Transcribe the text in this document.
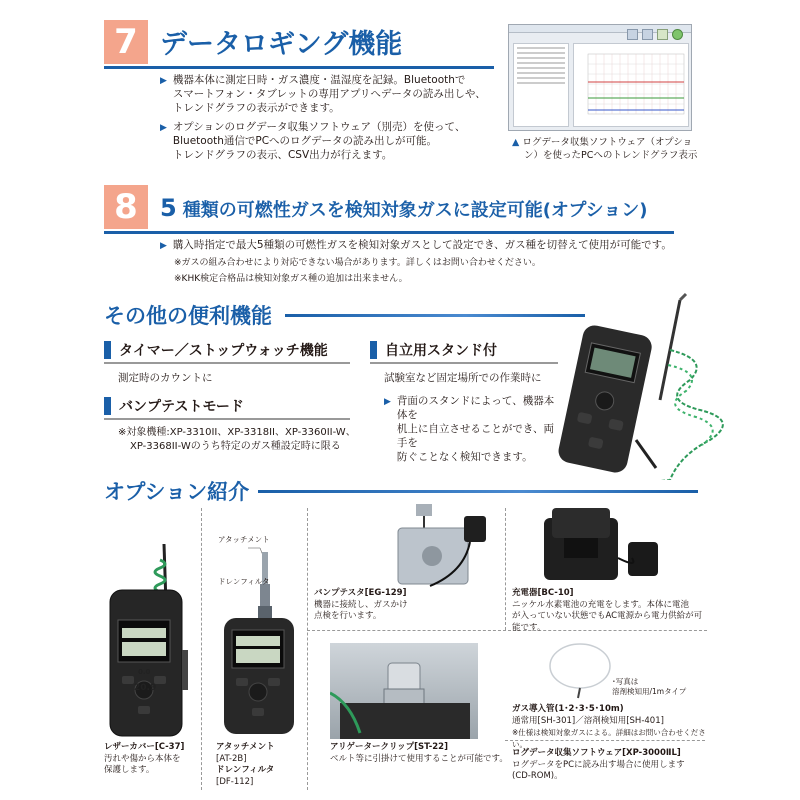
7 データロギング機能
▶ 機器本体に測定日時・ガス濃度・温湿度を記録。Bluetoothで
スマートフォン・タブレットの専用アプリへデータの読み出しや、
トレンドグラフの表示ができます。
▶ オプションのログデータ収集ソフトウェア（別売）を使って、
Bluetooth通信でPCへのログデータの読み出しが可能。
トレンドグラフの表示、CSV出力が行えます。
▲ ログデータ収集ソフトウェア（オプショ
ン）を使ったPCへのトレンドグラフ表示
8 5 種類の可燃性ガスを検知対象ガスに設定可能(オプション)
▶ 購入時指定で最大5種類の可燃性ガスを検知対象ガスとして設定でき、ガス種を切替えて使用が可能です。
※ガスの組み合わせにより対応できない場合があります。詳しくはお問い合わせください。
※KHK検定合格品は検知対象ガス種の追加は出来ません。
その他の便利機能
タイマー／ストップウォッチ機能
測定時のカウントに
バンプテストモード
※対象機種:XP-3310II、XP-3318II、XP-3360II-W、
XP-3368II-Wのうち特定のガス種設定時に限る
自立用スタンド付
試験室など固定場所での作業時に
▶ 背面のスタンドによって、機器本体を
机上に自立させることができ、両手を
防ぐことなく検知できます。
オプション紹介
0.0
20.9
レザーカバー[C-37]
汚れや傷から本体を
保護します。
アタッチメント
ドレンフィルタ
アタッチメント
[AT-2B]
ドレンフィルタ
[DF-112]
バンプテスタ[EG-129]
機器に接続し、ガスかけ
点検を行います。
充電器[BC-10]
ニッケル水素電池の充電をします。本体に電池
が入っていない状態でもAC電源から電力供給が可能です。
アリゲータークリップ[ST-22]
ベルト等に引掛けて使用することが可能です。
･写真は
溶剤検知用/1mタイプ
ガス導入管(1･2･3･5･10m)
通常用[SH-301]／溶剤検知用[SH-401]
※仕様は検知対象ガスによる。詳細はお問い合わせください。
ログデータ収集ソフトウェア[XP-3000ⅡL]
ログデータをPCに読み出す場合に使用します
(CD-ROM)。
